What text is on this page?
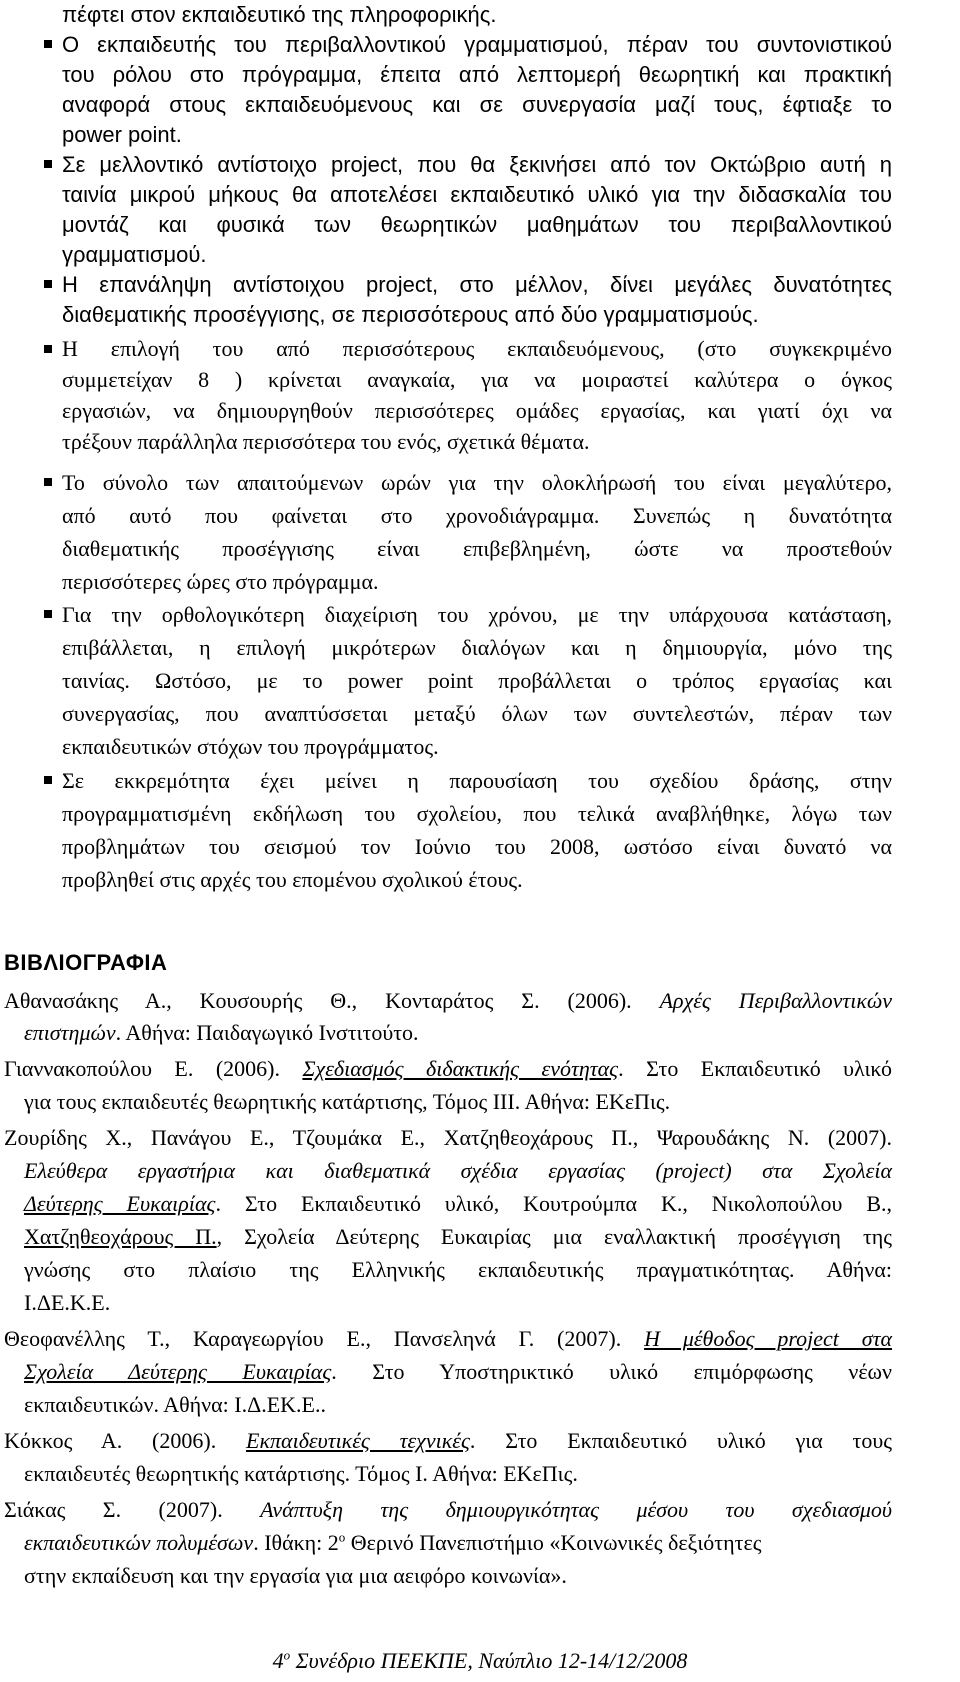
πέφτει στον εκπαιδευτικό της πληροφορικής.
Ο εκπαιδευτής του περιβαλλοντικού γραμματισμού, πέραν του συντονιστικού
του ρόλου στο πρόγραμμα, έπειτα από λεπτομερή θεωρητική και πρακτική
αναφορά στους εκπαιδευόμενους και σε συνεργασία μαζί τους, έφτιαξε το
power point.
Σε μελλοντικό αντίστοιχο project, που θα ξεκινήσει από τον Οκτώβριο αυτή η
ταινία μικρού μήκους θα αποτελέσει εκπαιδευτικό υλικό για την διδασκαλία του
μοντάζ και φυσικά των θεωρητικών μαθημάτων του περιβαλλοντικού
γραμματισμού.
Η επανάληψη αντίστοιχου project, στο μέλλον, δίνει μεγάλες δυνατότητες
διαθεματικής προσέγγισης, σε περισσότερους από δύο γραμματισμούς.
Η επιλογή του από περισσότερους εκπαιδευόμενους, (στο συγκεκριμένο
συμμετείχαν 8 ) κρίνεται αναγκαία, για να μοιραστεί καλύτερα ο όγκος
εργασιών, να δημιουργηθούν περισσότερες ομάδες εργασίας, και γιατί όχι να
τρέξουν παράλληλα περισσότερα του ενός, σχετικά θέματα.
Το σύνολο των απαιτούμενων ωρών για την ολοκλήρωσή του είναι μεγαλύτερο,
από αυτό που φαίνεται στο χρονοδιάγραμμα. Συνεπώς η δυνατότητα
διαθεματικής προσέγγισης είναι επιβεβλημένη, ώστε να προστεθούν
περισσότερες ώρες στο πρόγραμμα.
Για την ορθολογικότερη διαχείριση του χρόνου, με την υπάρχουσα κατάσταση,
επιβάλλεται, η επιλογή μικρότερων διαλόγων και η δημιουργία, μόνο της
ταινίας. Ωστόσο, με το power point προβάλλεται ο τρόπος εργασίας και
συνεργασίας, που αναπτύσσεται μεταξύ όλων των συντελεστών, πέραν των
εκπαιδευτικών στόχων του προγράμματος.
Σε εκκρεμότητα έχει μείνει η παρουσίαση του σχεδίου δράσης, στην
προγραμματισμένη εκδήλωση του σχολείου, που τελικά αναβλήθηκε, λόγω των
προβλημάτων του σεισμού τον Ιούνιο του 2008, ωστόσο είναι δυνατό να
προβληθεί στις αρχές του επομένου σχολικού έτους.
ΒΙΒΛΙΟΓΡΑΦΙΑ
Αθανασάκης Α., Κουσουρής Θ., Κονταράτος Σ. (2006). Αρχές Περιβαλλοντικών
επιστημών. Αθήνα: Παιδαγωγικό Ινστιτούτο.
Γιαννακοπούλου Ε. (2006). Σχεδιασμός διδακτικής ενότητας. Στο Εκπαιδευτικό υλικό
για τους εκπαιδευτές θεωρητικής κατάρτισης, Τόμος ΙΙΙ. Αθήνα: ΕΚεΠις.
Ζουρίδης Χ., Πανάγου Ε., Τζουμάκα Ε., Χατζηθεοχάρους Π., Ψαρουδάκης Ν. (2007).
Ελεύθερα εργαστήρια και διαθεματικά σχέδια εργασίας (project) στα Σχολεία
Δεύτερης Ευκαιρίας. Στο Εκπαιδευτικό υλικό, Κουτρούμπα Κ., Νικολοπούλου Β.,
Χατζηθεοχάρους Π., Σχολεία Δεύτερης Ευκαιρίας μια εναλλακτική προσέγγιση της
γνώσης στο πλαίσιο της Ελληνικής εκπαιδευτικής πραγματικότητας. Αθήνα:
Ι.ΔΕ.Κ.Ε.
Θεοφανέλλης Τ., Καραγεωργίου Ε., Πανσεληνά Γ. (2007). Η μέθοδος project στα
Σχολεία Δεύτερης Ευκαιρίας. Στο Υποστηρικτικό υλικό επιμόρφωσης νέων
εκπαιδευτικών. Αθήνα: Ι.Δ.ΕΚ.Ε..
Κόκκος Α. (2006). Εκπαιδευτικές τεχνικές. Στο Εκπαιδευτικό υλικό για τους
εκπαιδευτές θεωρητικής κατάρτισης. Τόμος Ι. Αθήνα: ΕΚεΠις.
Σιάκας Σ. (2007). Ανάπτυξη της δημιουργικότητας μέσου του σχεδιασμού
εκπαιδευτικών πολυμέσων. Ιθάκη: $2^o$ Θερινό Πανεπιστήμιο «Κοινωνικές δεξιότητες
στην εκπαίδευση και την εργασία για μια αειφόρο κοινωνία».
$4^o$ Συνέδριο ΠΕΕΚΠΕ, Ναύπλιο 12-14/12/2008
